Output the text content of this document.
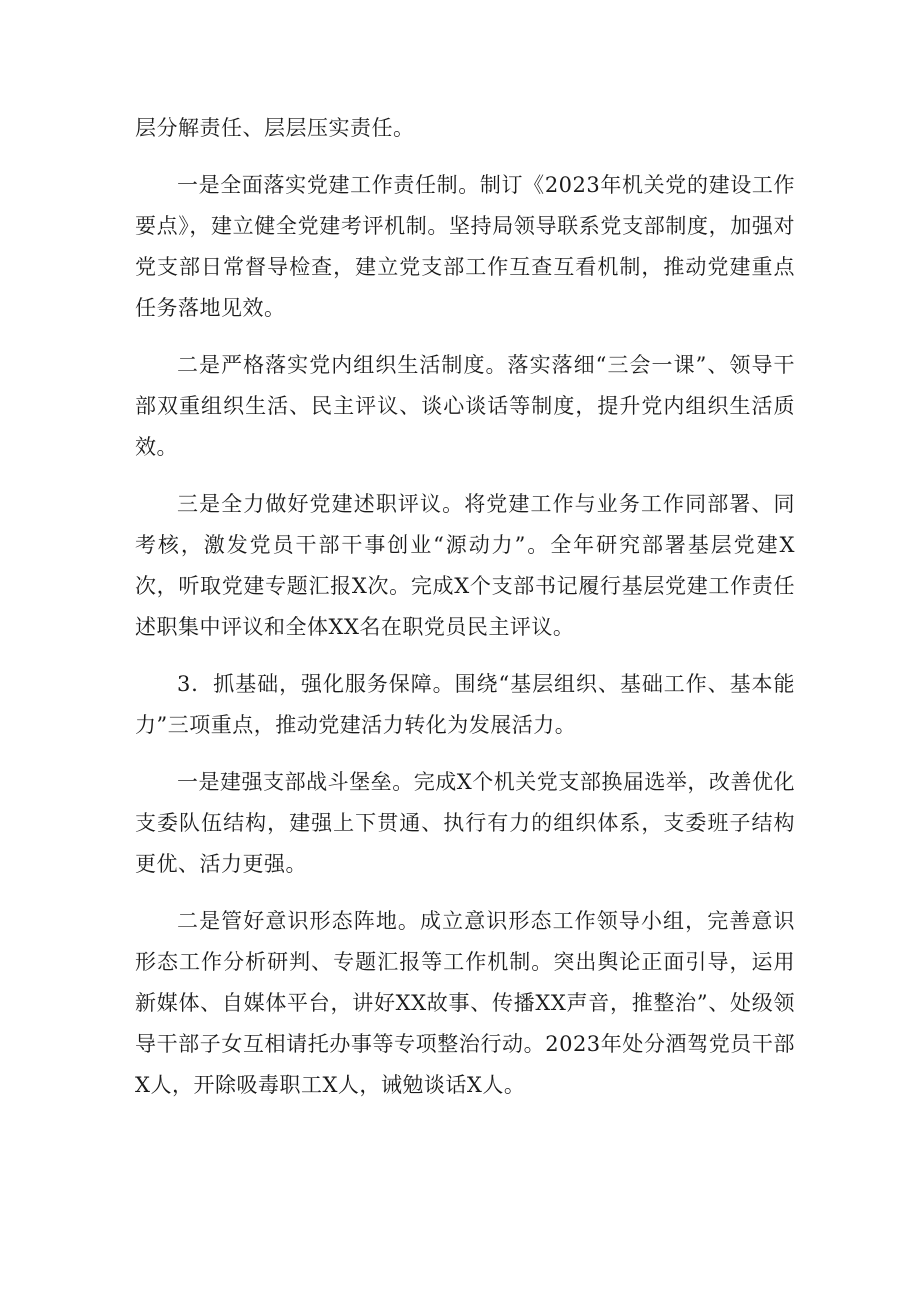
层分解责任、层层压实责任。

一是全面落实党建工作责任制。制订《2023年机关党的建设工作要点》，建立健全党建考评机制。坚持局领导联系党支部制度，加强对党支部日常督导检查，建立党支部工作互查互看机制，推动党建重点任务落地见效。

二是严格落实党内组织生活制度。落实落细“三会一课”、领导干部双重组织生活、民主评议、谈心谈话等制度，提升党内组织生活质效。

三是全力做好党建述职评议。将党建工作与业务工作同部署、同考核，激发党员干部干事创业“源动力”。全年研究部署基层党建X次，听取党建专题汇报X次。完成X个支部书记履行基层党建工作责任述职集中评议和全体XX名在职党员民主评议。

3．抓基础，强化服务保障。围绕“基层组织、基础工作、基本能力”三项重点，推动党建活力转化为发展活力。

一是建强支部战斗堡垒。完成X个机关党支部换届选举，改善优化支委队伍结构，建强上下贯通、执行有力的组织体系，支委班子结构更优、活力更强。

二是管好意识形态阵地。成立意识形态工作领导小组，完善意识形态工作分析研判、专题汇报等工作机制。突出舆论正面引导，运用新媒体、自媒体平台，讲好XX故事、传播XX声音，推整治”、处级领导干部子女互相请托办事等专项整治行动。2023年处分酒驾党员干部X人，开除吸毒职工X人，诫勉谈话X人。
